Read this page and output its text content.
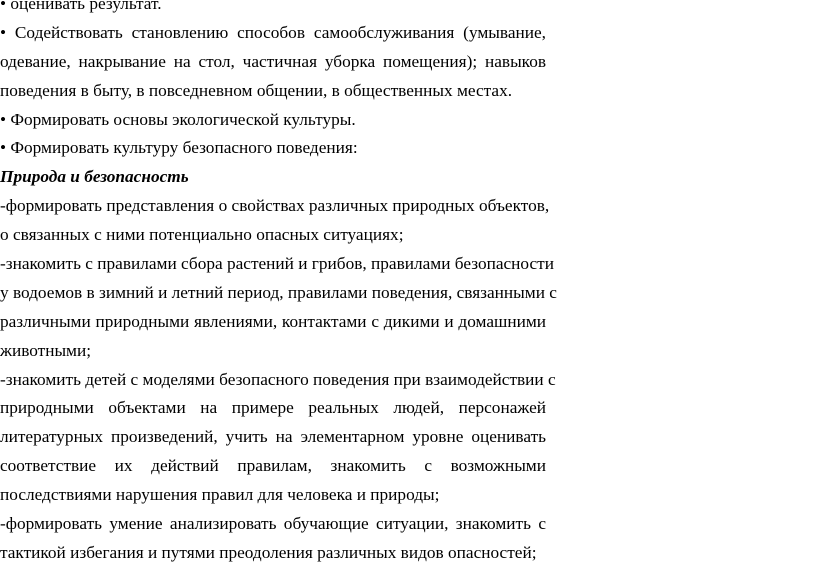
• оценивать результат.
• Содействовать становлению способов самообслуживания (умывание,
одевание, накрывание на стол, частичная уборка помещения); навыков
поведения в быту, в повседневном общении, в общественных местах.
• Формировать основы экологической культуры.
• Формировать культуру безопасного поведения:
Природа и безопасность
-формировать представления о свойствах различных природных объектов,
о связанных с ними потенциально опасных ситуациях;
-знакомить с правилами сбора растений и грибов, правилами безопасности
у водоемов в зимний и летний период, правилами поведения, связанными с
различными природными явлениями, контактами с дикими и домашними
животными;
-знакомить детей с моделями безопасного поведения при взаимодействии с
природными объектами на примере реальных людей, персонажей
литературных произведений, учить на элементарном уровне оценивать
соответствие их действий правилам, знакомить с возможными
последствиями нарушения правил для человека и природы;
-формировать умение анализировать обучающие ситуации, знакомить с
тактикой избегания и путями преодоления различных видов опасностей;
